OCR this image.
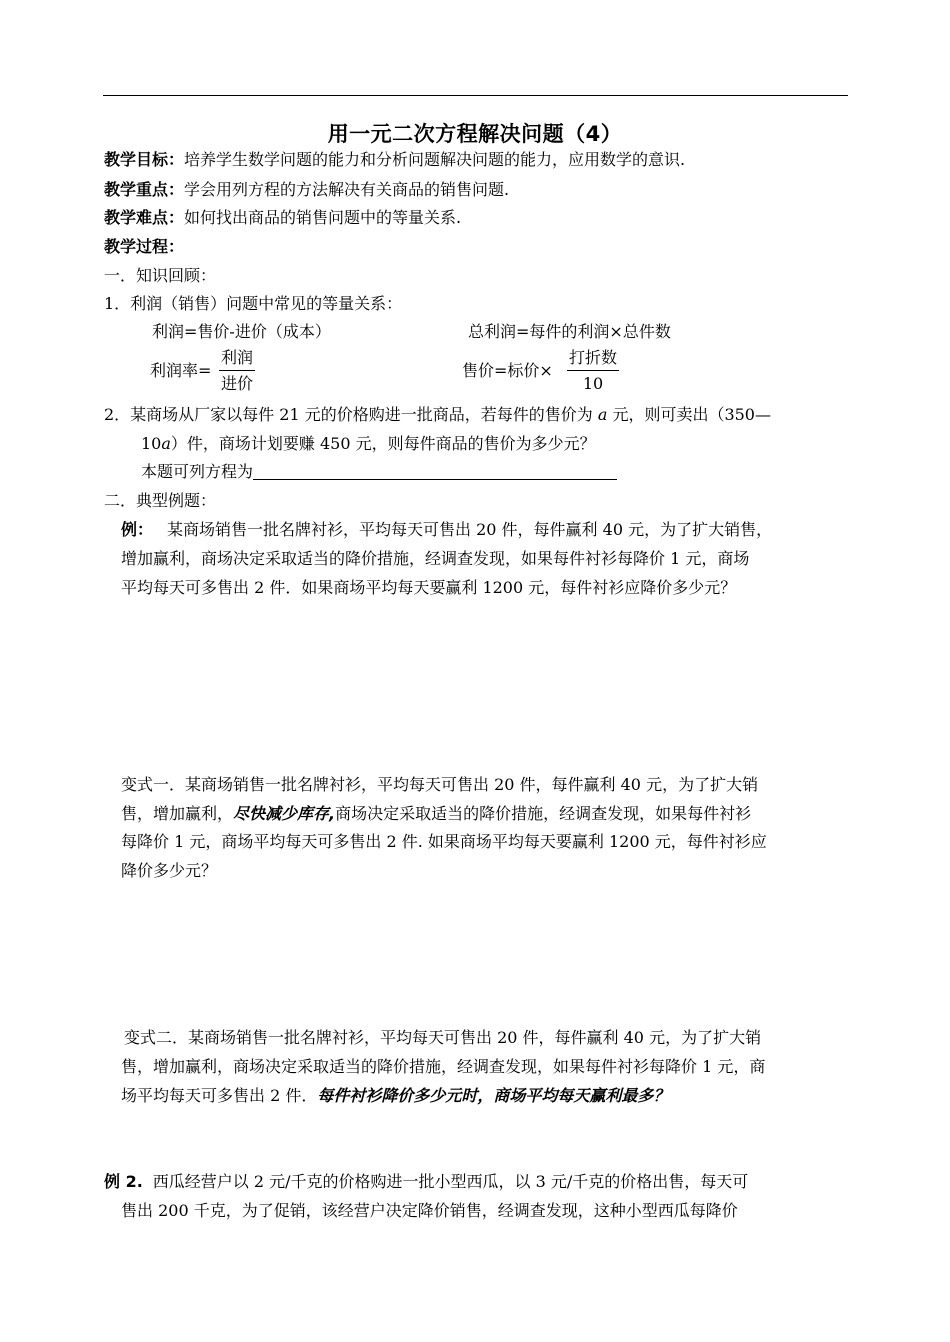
用一元二次方程解决问题（4）
教学目标：培养学生数学问题的能力和分析问题解决问题的能力，应用数学的意识.
教学重点：学会用列方程的方法解决有关商品的销售问题.
教学难点：如何找出商品的销售问题中的等量关系.
教学过程：
一．知识回顾：
1．利润（销售）问题中常见的等量关系：
利润=售价-进价（成本）	总利润=每件的利润×总件数
利润率=
利润
进价
售价=标价×
打折数
10
2．某商场从厂家以每件 21 元的价格购进一批商品，若每件的售价为 a 元，则可卖出（350—
10a）件，商场计划要赚 450 元，则每件商品的售价为多少元？
本题可列方程为
二．典型例题：
例： 某商场销售一批名牌衬衫，平均每天可售出 20 件，每件赢利 40 元，为了扩大销售，
增加赢利，商场决定采取适当的降价措施，经调查发现，如果每件衬衫每降价 1 元，商场
平均每天可多售出 2 件．如果商场平均每天要赢利 1200 元，每件衬衫应降价多少元？
变式一．某商场销售一批名牌衬衫，平均每天可售出 20 件，每件赢利 40 元，为了扩大销
售，增加赢利，尽快减少库存,商场决定采取适当的降价措施，经调查发现，如果每件衬衫
每降价 1 元，商场平均每天可多售出 2 件. 如果商场平均每天要赢利 1200 元，每件衬衫应
降价多少元？
变式二．某商场销售一批名牌衬衫，平均每天可售出 20 件，每件赢利 40 元，为了扩大销
售，增加赢利，商场决定采取适当的降价措施，经调查发现，如果每件衬衫每降价 1 元，商
场平均每天可多售出 2 件．每件衬衫降价多少元时，商场平均每天赢利最多？
例 2. 西瓜经营户以 2 元/千克的价格购进一批小型西瓜，以 3 元/千克的价格出售，每天可
售出 200 千克，为了促销，该经营户决定降价销售，经调查发现，这种小型西瓜每降价
